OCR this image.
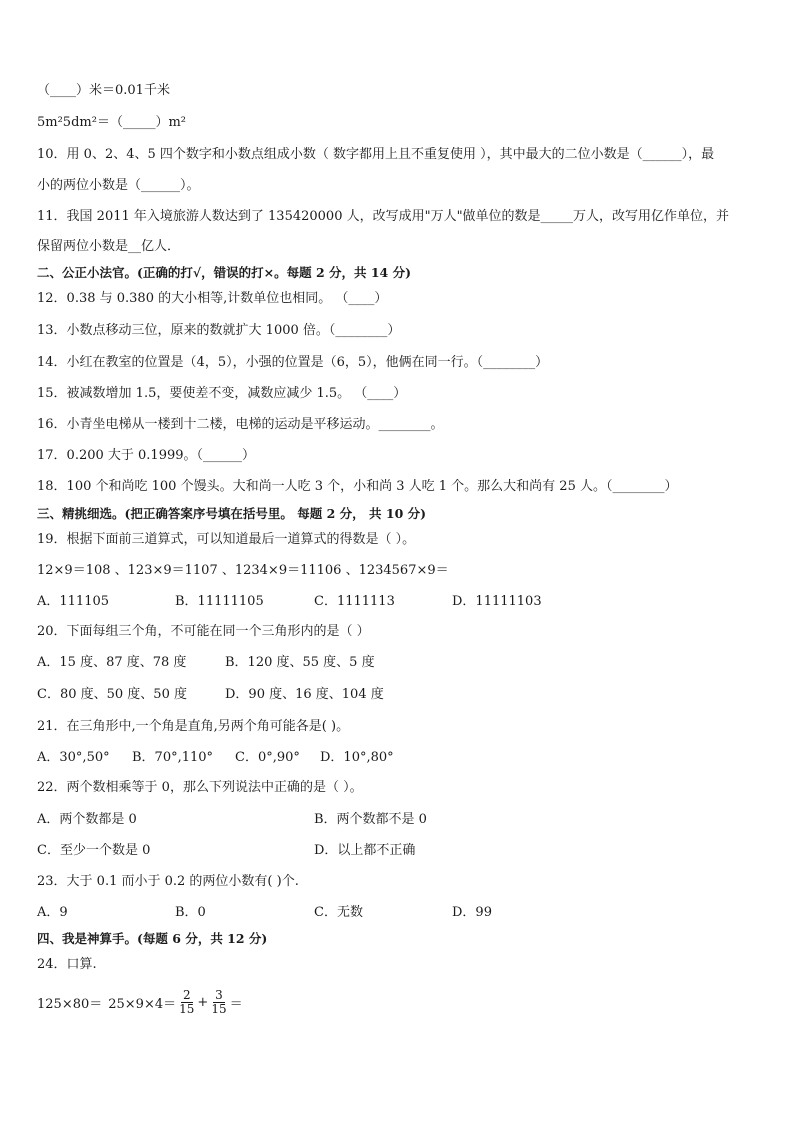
（____）米＝0.01千米
5m²5dm²＝（_____）m²
10．用 0、2、4、5 四个数字和小数点组成小数（ 数字都用上且不重复使用 ），其中最大的二位小数是（______），最
小的两位小数是（______）。
11．我国 2011 年入境旅游人数达到了 135420000 人，改写成用"万人"做单位的数是_____万人，改写用亿作单位，并
保留两位小数是__亿人．
二、公正小法官。(正确的打√，错误的打×。每题 2 分，共 14 分)
12．0.38 与 0.380 的大小相等,计数单位也相同。 （____）
13．小数点移动三位，原来的数就扩大 1000 倍。（________）
14．小红在教室的位置是（4，5），小强的位置是（6，5），他俩在同一行。（________）
15．被减数增加 1.5，要使差不变，减数应减少 1.5。 （____）
16．小青坐电梯从一楼到十二楼，电梯的运动是平移运动。________。
17．0.200 大于 0.1999。（______）
18．100 个和尚吃 100 个馒头。大和尚一人吃 3 个，小和尚 3 人吃 1 个。那么大和尚有 25 人。（________）
三、精挑细选。(把正确答案序号填在括号里。 每题 2 分， 共 10 分)
19．根据下面前三道算式，可以知道最后一道算式的得数是（ ）。
12×9＝108 、123×9＝1107 、1234×9＝11106 、1234567×9＝
A．111105	B．11111105	C．1111113	D．11111103
20．下面每组三个角，不可能在同一个三角形内的是（ ）
A．15 度、87 度、78 度	B．120 度、55 度、5 度
C．80 度、50 度、50 度	D．90 度、16 度、104 度
21．在三角形中,一个角是直角,另两个角可能各是( )。
A．30°,50° B．70°,110° C．0°,90° D．10°,80°
22．两个数相乘等于 0，那么下列说法中正确的是（ ）。
A．两个数都是 0	B．两个数都不是 0
C．至少一个数是 0	D．以上都不正确
23．大于 0.1 而小于 0.2 的两位小数有( )个.
A．9	B．0	C．无数	D．99
四、我是神算手。(每题 6 分，共 12 分)
24．口算.
$125\times 80= 25\times 9\times 4= \frac{2}{15} + \frac{3}{15}$ ＝
